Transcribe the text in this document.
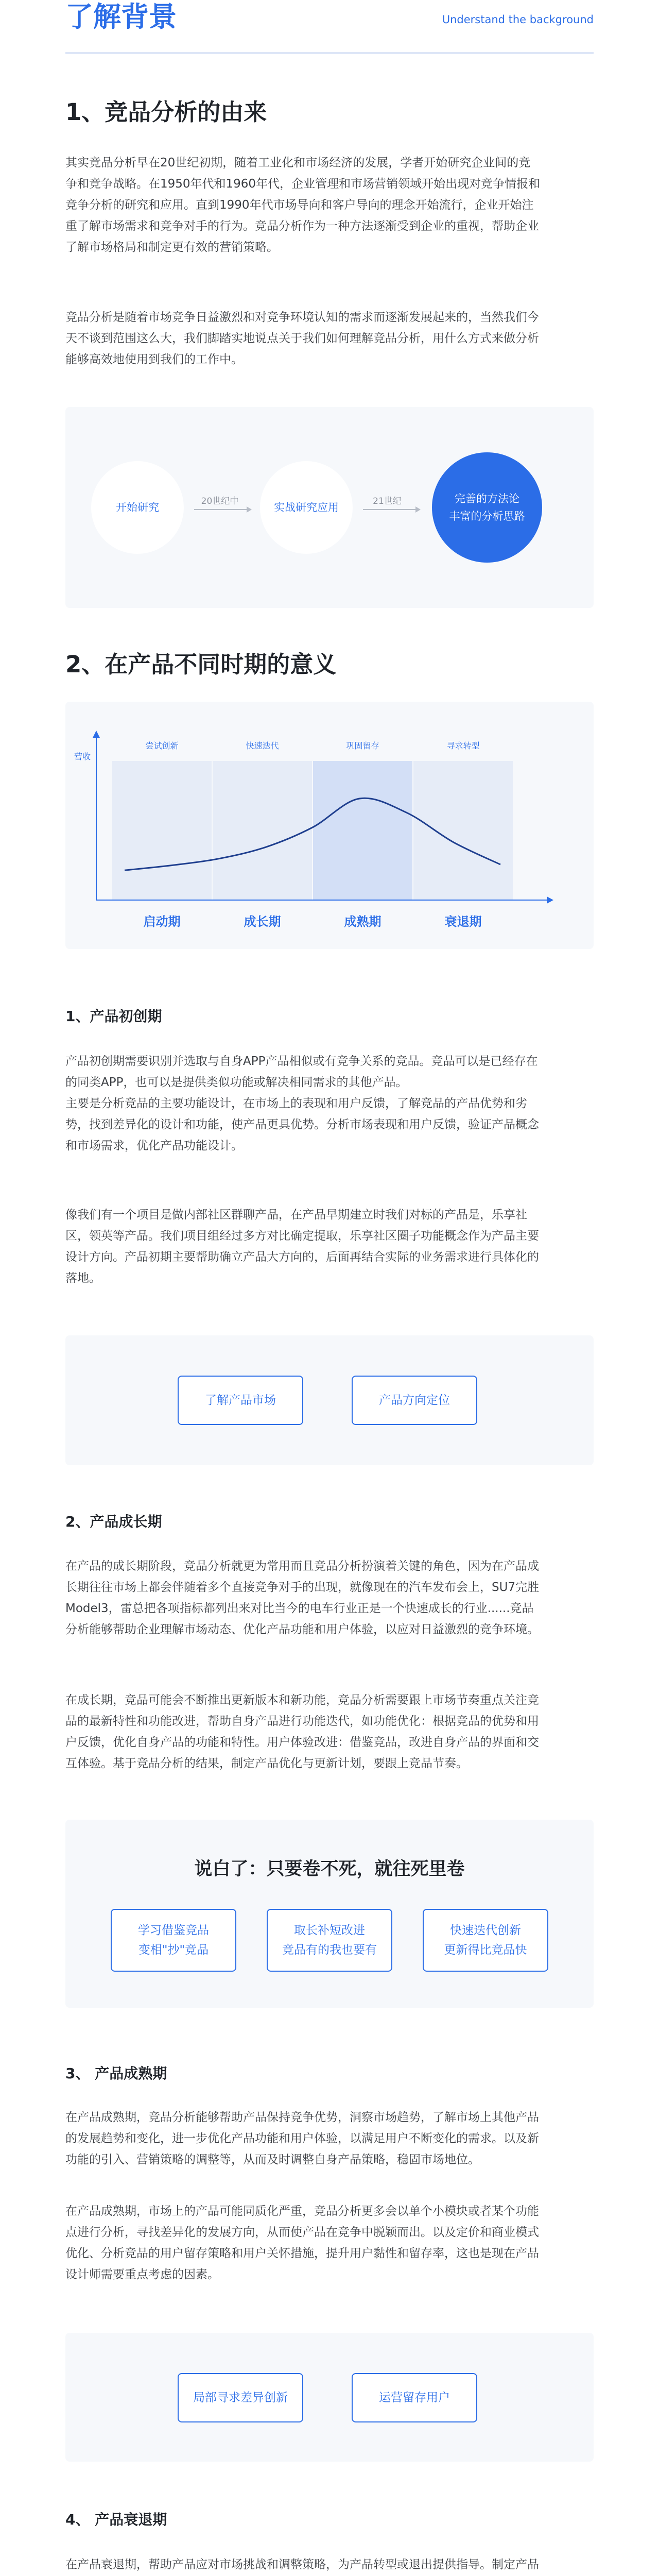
了解背景	Understand the background
1、竞品分析的由来
其实竞品分析早在20世纪初期，随着工业化和市场经济的发展，学者开始研究企业间的竞
争和竞争战略。在1950年代和1960年代，企业管理和市场营销领域开始出现对竞争情报和
竞争分析的研究和应用。直到1990年代市场导向和客户导向的理念开始流行，企业开始注
重了解市场需求和竞争对手的行为。竞品分析作为一种方法逐渐受到企业的重视，帮助企业
了解市场格局和制定更有效的营销策略。
竞品分析是随着市场竞争日益激烈和对竞争环境认知的需求而逐渐发展起来的，当然我们今
天不谈到范围这么大，我们脚踏实地说点关于我们如何理解竞品分析，用什么方式来做分析
能够高效地使用到我们的工作中。
开始研究	20世纪中	实战研究应用	21世纪	完善的方法论
丰富的分析思路
2、在产品不同时期的意义
启动期
尝试创新
成长期
快速迭代
成熟期
巩固留存
衰退期
寻求转型
营收
1、产品初创期
产品初创期需要识别并选取与自身APP产品相似或有竞争关系的竞品。竞品可以是已经存在
的同类APP，也可以是提供类似功能或解决相同需求的其他产品。
主要是分析竞品的主要功能设计，在市场上的表现和用户反馈，了解竞品的产品优势和劣
势，找到差异化的设计和功能，使产品更具优势。分析市场表现和用户反馈，验证产品概念
和市场需求，优化产品功能设计。
像我们有一个项目是做内部社区群聊产品，在产品早期建立时我们对标的产品是，乐享社
区，领英等产品。我们项目组经过多方对比确定提取，乐享社区圈子功能概念作为产品主要
设计方向。产品初期主要帮助确立产品大方向的，后面再结合实际的业务需求进行具体化的
落地。
了解产品市场	产品方向定位
2、产品成长期
在产品的成长期阶段，竞品分析就更为常用而且竞品分析扮演着关键的角色，因为在产品成
长期往往市场上都会伴随着多个直接竞争对手的出现，就像现在的汽车发布会上，SU7完胜
Model3，雷总把各项指标都列出来对比当今的电车行业正是一个快速成长的行业......竞品
分析能够帮助企业理解市场动态、优化产品功能和用户体验，以应对日益激烈的竞争环境。
在成长期，竞品可能会不断推出更新版本和新功能，竞品分析需要跟上市场节奏重点关注竞
品的最新特性和功能改进，帮助自身产品进行功能迭代，如功能优化：根据竞品的优势和用
户反馈，优化自身产品的功能和特性。用户体验改进：借鉴竞品，改进自身产品的界面和交
互体验。基于竞品分析的结果，制定产品优化与更新计划，要跟上竞品节奏。
说白了：只要卷不死，就往死里卷
学习借鉴竞品
变相"抄"竞品
取长补短改进
竞品有的我也要有
快速迭代创新
更新得比竞品快
3、 产品成熟期
在产品成熟期，竞品分析能够帮助产品保持竞争优势，洞察市场趋势，了解市场上其他产品
的发展趋势和变化，进一步优化产品功能和用户体验，以满足用户不断变化的需求。以及新
功能的引入、营销策略的调整等，从而及时调整自身产品策略，稳固市场地位。
在产品成熟期，市场上的产品可能同质化严重，竞品分析更多会以单个小模块或者某个功能
点进行分析，寻找差异化的发展方向，从而使产品在竞争中脱颖而出。以及定价和商业模式
优化、分析竞品的用户留存策略和用户关怀措施，提升用户黏性和留存率，这也是现在产品
设计师需要重点考虑的因素。
局部寻求差异创新	运营留存用户
4、 产品衰退期
在产品衰退期，帮助产品应对市场挑战和调整策略，为产品转型或退出提供指导。制定产品
